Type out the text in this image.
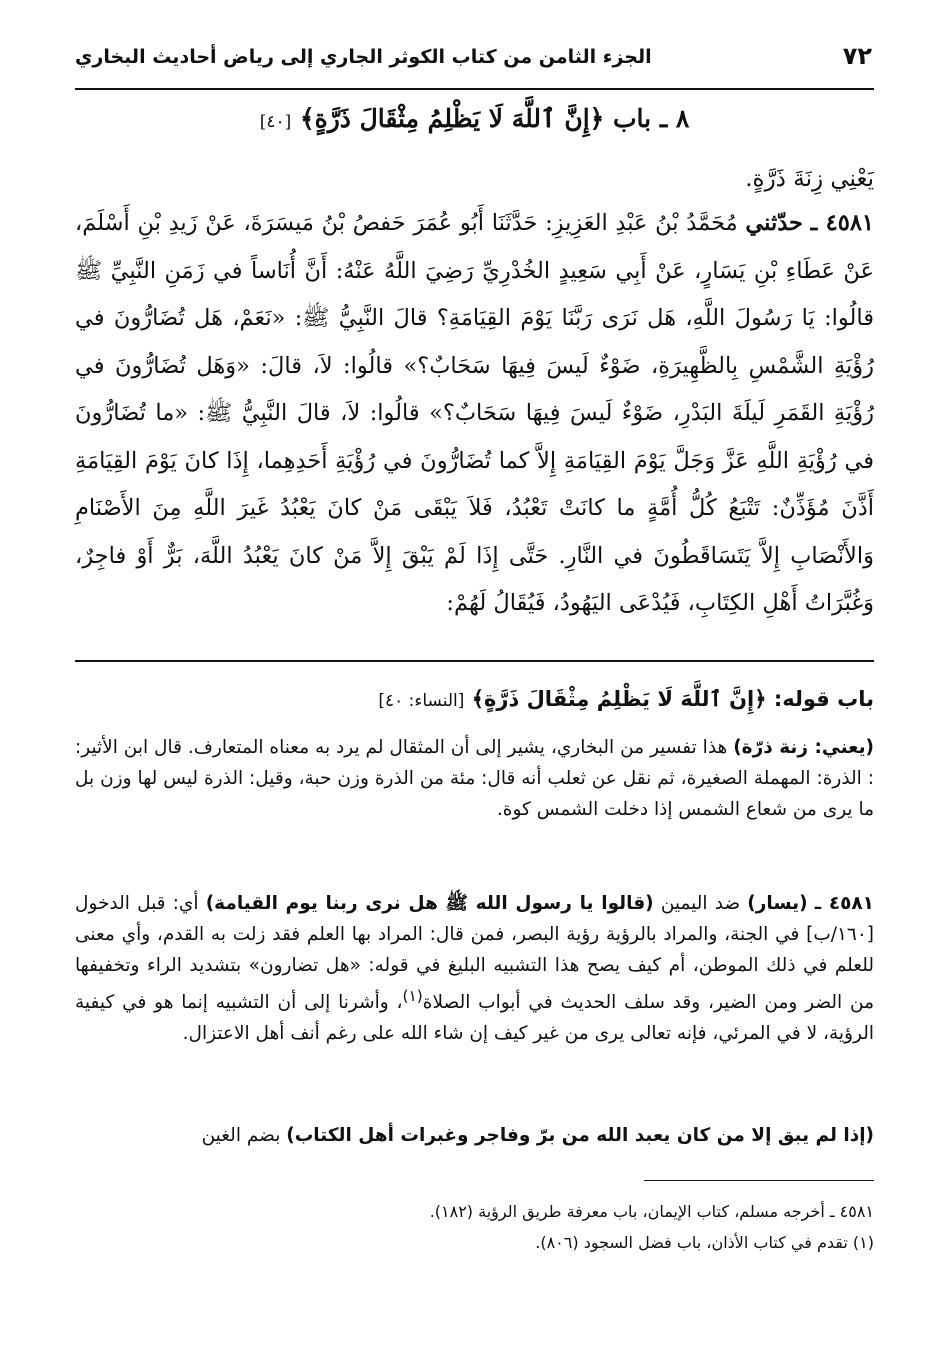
٧٢
الجزء الثامن من كتاب الكوثر الجاري إلى رياض أحاديث البخاري
٨ ـ باب ﴿إِنَّ ٱللَّهَ لَا يَظْلِمُ مِثْقَالَ ذَرَّةٍ﴾ [٤٠]
يَعْنِي زِنَةَ ذَرَّةٍ.
٤٥٨١ ـ حدّثني مُحَمَّدُ بْنُ عَبْدِ العَزِيزِ: حَدَّثَنَا أَبُو عُمَرَ حَفصُ بْنُ مَيسَرَةَ، عَنْ زَيدِ بْنِ أَسْلَمَ، عَنْ عَطَاءِ بْنِ يَسَارٍ، عَنْ أَبِي سَعِيدٍ الخُدْرِيِّ رَضِيَ اللَّهُ عَنْهُ: أَنَّ أُنَاساً في زَمَنِ النَّبِيِّ ﷺ قالُوا: يَا رَسُولَ اللَّهِ، هَل نَرَى رَبَّنَا يَوْمَ القِيَامَةِ؟ قالَ النَّبِيُّ ﷺ: «نَعَمْ، هَل تُضَارُّونَ في رُؤْيَةِ الشَّمْسِ بِالظَّهِيرَةِ، ضَوْءٌ لَيسَ فِيهَا سَحَابٌ؟» قالُوا: لاَ، قالَ: «وَهَل تُضَارُّونَ في رُؤْيَةِ القَمَرِ لَيلَةَ البَدْرِ، ضَوْءٌ لَيسَ فِيهَا سَحَابٌ؟» قالُوا: لاَ، قالَ النَّبِيُّ ﷺ: «ما تُضَارُّونَ في رُؤْيَةِ اللَّهِ عَزَّ وَجَلَّ يَوْمَ القِيَامَةِ إِلاَّ كما تُضَارُّونَ في رُؤْيَةِ أَحَدِهِما، إِذَا كانَ يَوْمَ القِيَامَةِ أَذَّنَ مُؤَذِّنٌ: تَتْبَعُ كُلُّ أُمَّةٍ ما كانَتْ تَعْبُدُ، فَلاَ يَبْقَى مَنْ كانَ يَعْبُدُ غَيرَ اللَّهِ مِنَ الأَصْنَامِ وَالأَنْصَابِ إِلاَّ يَتَسَاقَطُونَ في النَّارِ. حَتَّى إِذَا لَمْ يَبْقَ إِلاَّ مَنْ كانَ يَعْبُدُ اللَّهَ، بَرٌّ أَوْ فاجِرٌ، وَغُبَّرَاتُ أَهْلِ الكِتَابِ، فَيُدْعَى اليَهُودُ، فَيُقَالُ لَهُمْ:
باب قوله: ﴿إِنَّ ٱللَّهَ لَا يَظْلِمُ مِثْقَالَ ذَرَّةٍ﴾ [النساء: ٤٠]
(يعني: زنة ذرّة) هذا تفسير من البخاري، يشير إلى أن المثقال لم يرد به معناه المتعارف. قال ابن الأثير: : الذرة: المهملة الصغيرة، ثم نقل عن ثعلب أنه قال: مئة من الذرة وزن حبة، وقيل: الذرة ليس لها وزن بل ما يرى من شعاع الشمس إذا دخلت الشمس كوة.
٤٥٨١ ـ (يسار) ضد اليمين (قالوا يا رسول الله ﷺ هل نرى ربنا يوم القيامة) أي: قبل الدخول [١٦٠/ب] في الجنة، والمراد بالرؤية رؤية البصر، فمن قال: المراد بها العلم فقد زلت به القدم، وأي معنى للعلم في ذلك الموطن، أم كيف يصح هذا التشبيه البليغ في قوله: «هل تضارون» بتشديد الراء وتخفيفها من الضر ومن الضير، وقد سلف الحديث في أبواب الصلاة$^{(١)}$، وأشرنا إلى أن التشبيه إنما هو في كيفية الرؤية، لا في المرئي، فإنه تعالى يرى من غير كيف إن شاء الله على رغم أنف أهل الاعتزال.
(إذا لم يبق إلا من كان يعبد الله من برّ وفاجر وغبرات أهل الكتاب) بضم الغين
٤٥٨١ ـ أخرجه مسلم، كتاب الإيمان، باب معرفة طريق الرؤية (١٨٢).
(١) تقدم في كتاب الأذان، باب فضل السجود (٨٠٦).
